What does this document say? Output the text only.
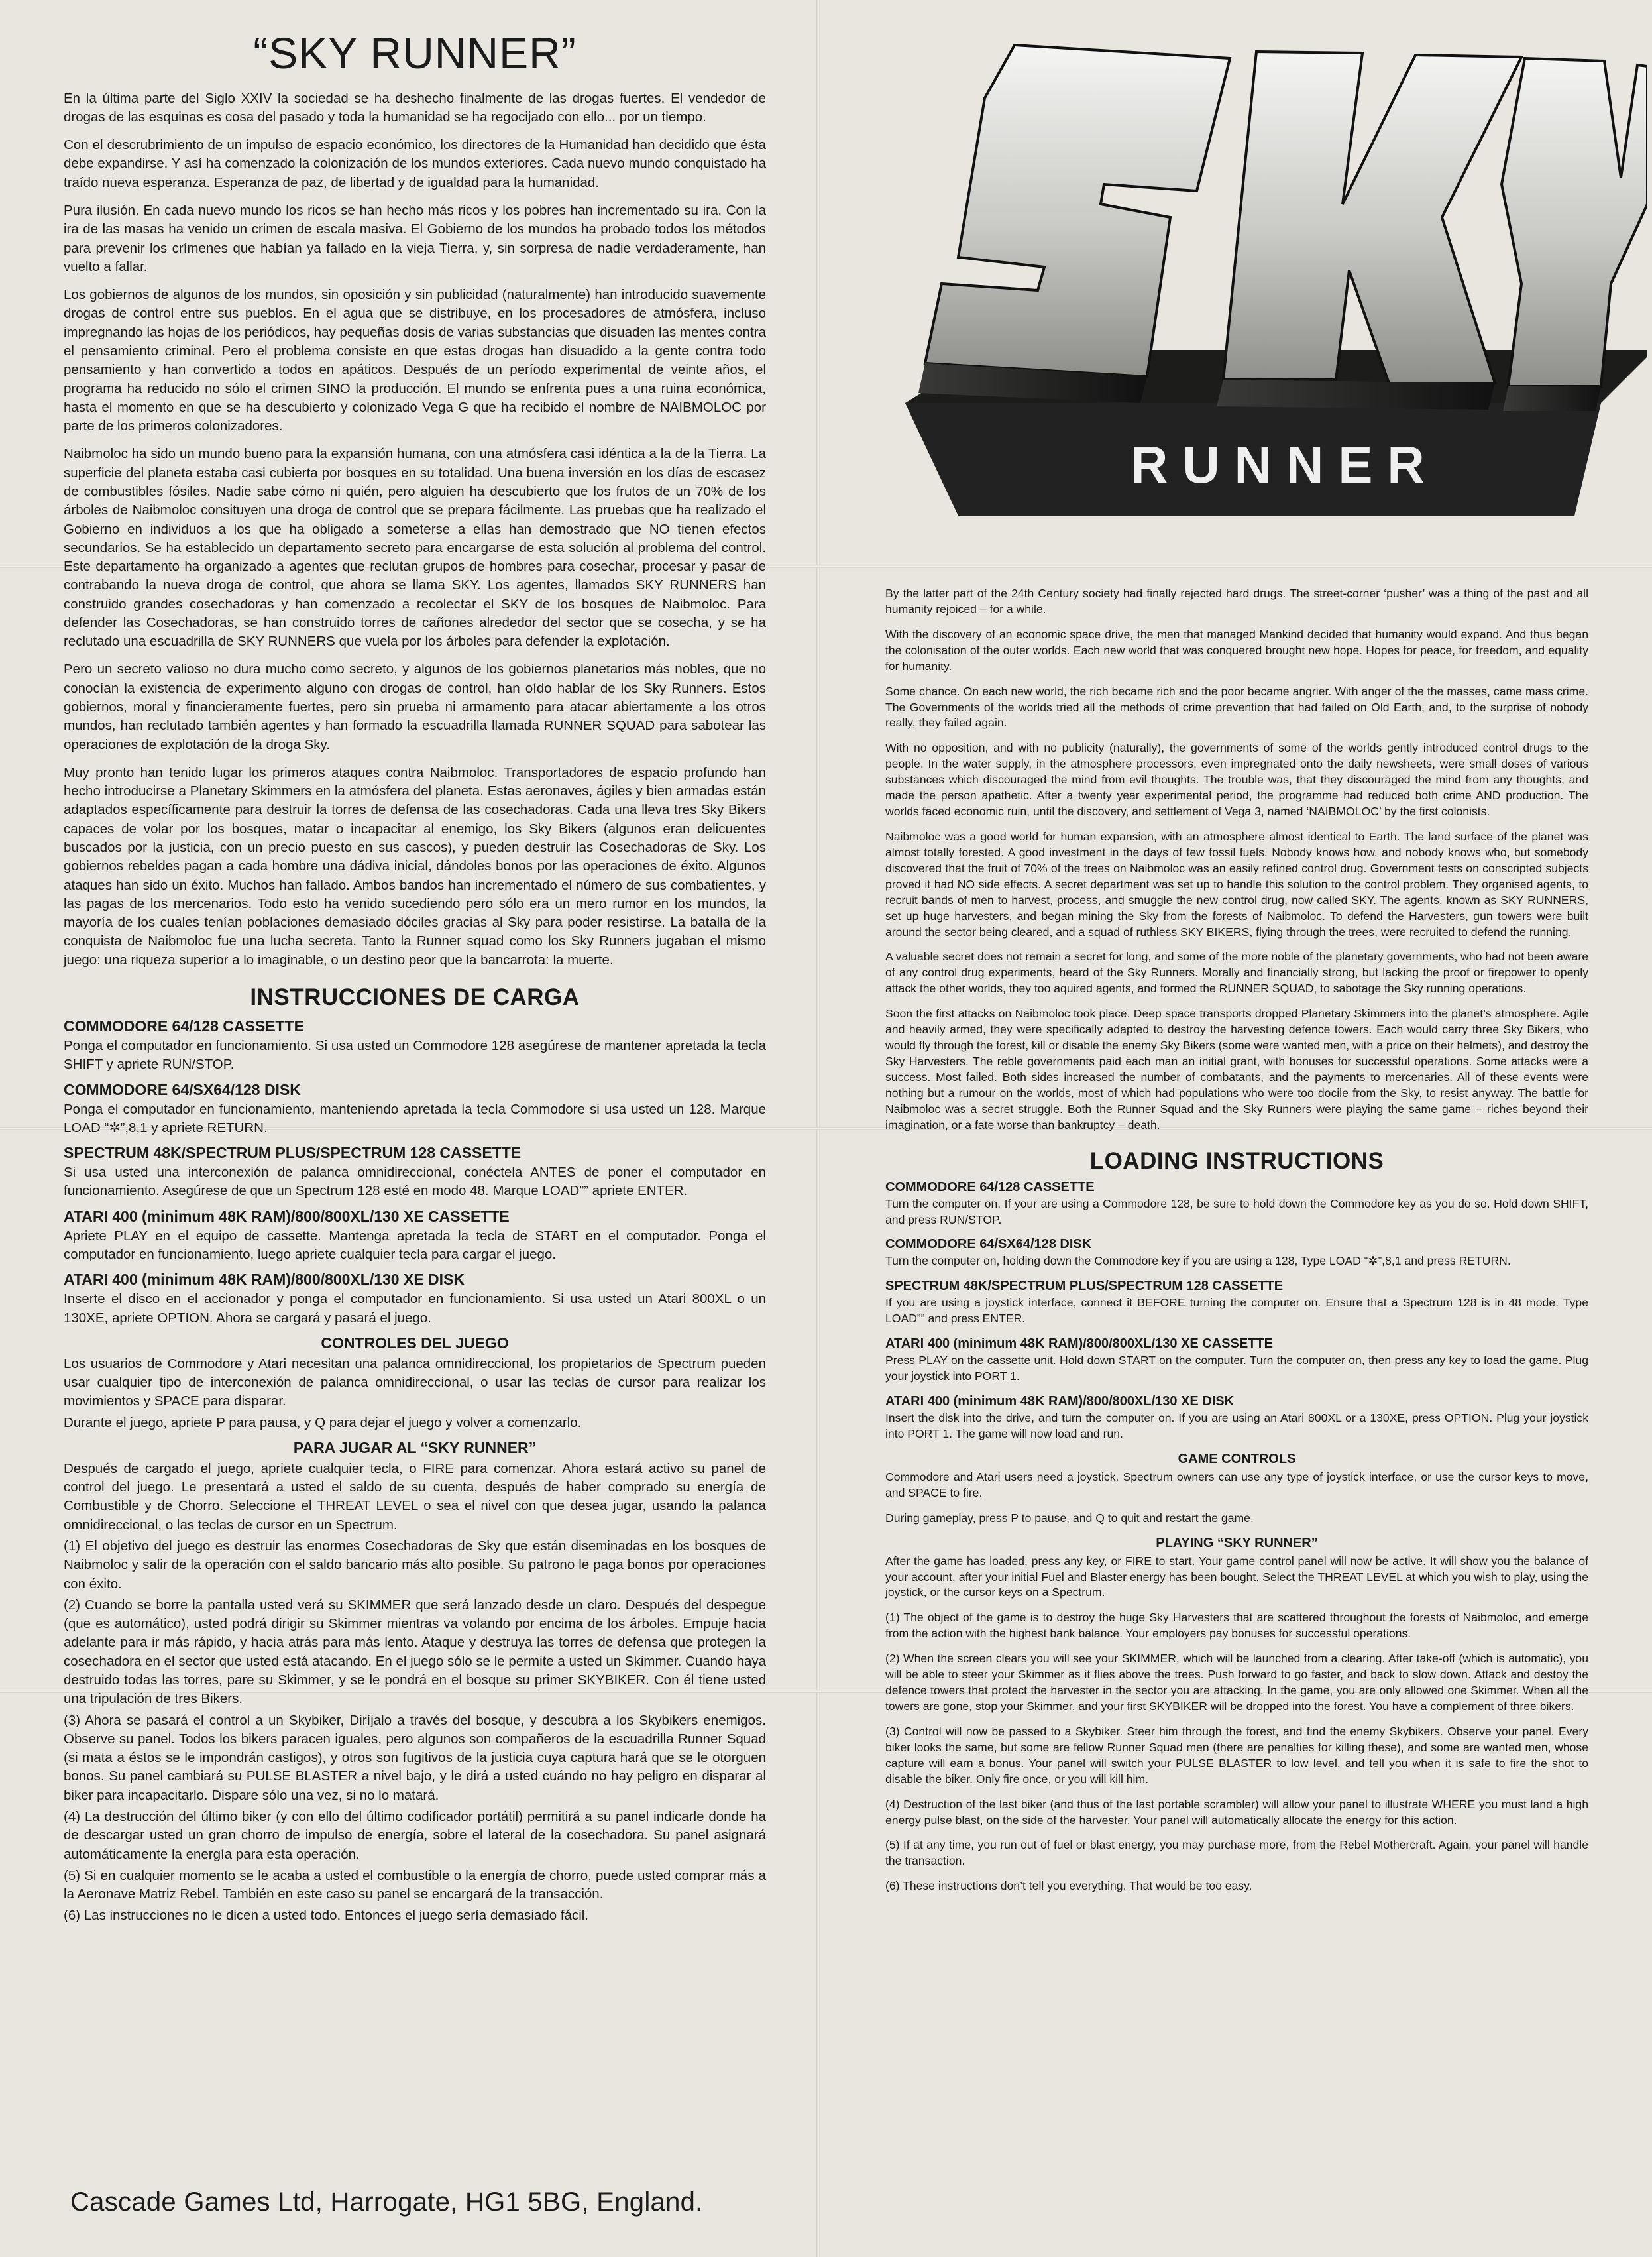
“SKY RUNNER”

En la última parte del Siglo XXIV la sociedad se ha deshecho finalmente de las drogas fuertes. El vendedor de drogas de las esquinas es cosa del pasado y toda la humanidad se ha regocijado con ello... por un tiempo.

Con el descrubrimiento de un impulso de espacio económico, los directores de la Humanidad han decidido que ésta debe expandirse. Y así ha comenzado la colonización de los mundos exteriores. Cada nuevo mundo conquistado ha traído nueva esperanza. Esperanza de paz, de libertad y de igualdad para la humanidad.

Pura ilusión. En cada nuevo mundo los ricos se han hecho más ricos y los pobres han incrementado su ira. Con la ira de las masas ha venido un crimen de escala masiva. El Gobierno de los mundos ha probado todos los métodos para prevenir los crímenes que habían ya fallado en la vieja Tierra, y, sin sorpresa de nadie verdaderamente, han vuelto a fallar.

Los gobiernos de algunos de los mundos, sin oposición y sin publicidad (naturalmente) han introducido suavemente drogas de control entre sus pueblos. En el agua que se distribuye, en los procesadores de atmósfera, incluso impregnando las hojas de los periódicos, hay pequeñas dosis de varias substancias que disuaden las mentes contra el pensamiento criminal. Pero el problema consiste en que estas drogas han disuadido a la gente contra todo pensamiento y han convertido a todos en apáticos. Después de un período experimental de veinte años, el programa ha reducido no sólo el crimen SINO la producción. El mundo se enfrenta pues a una ruina económica, hasta el momento en que se ha descubierto y colonizado Vega G que ha recibido el nombre de NAIBMOLOC por parte de los primeros colonizadores.

Naibmoloc ha sido un mundo bueno para la expansión humana, con una atmósfera casi idéntica a la de la Tierra. La superficie del planeta estaba casi cubierta por bosques en su totalidad. Una buena inversión en los días de escasez de combustibles fósiles. Nadie sabe cómo ni quién, pero alguien ha descubierto que los frutos de un 70% de los árboles de Naibmoloc consituyen una droga de control que se prepara fácilmente. Las pruebas que ha realizado el Gobierno en individuos a los que ha obligado a someterse a ellas han demostrado que NO tienen efectos secundarios. Se ha establecido un departamento secreto para encargarse de esta solución al problema del control. Este departamento ha organizado a agentes que reclutan grupos de hombres para cosechar, procesar y pasar de contrabando la nueva droga de control, que ahora se llama SKY. Los agentes, llamados SKY RUNNERS han construido grandes cosechadoras y han comenzado a recolectar el SKY de los bosques de Naibmoloc. Para defender las Cosechadoras, se han construido torres de cañones alrededor del sector que se cosecha, y se ha reclutado una escuadrilla de SKY RUNNERS que vuela por los árboles para defender la explotación.

Pero un secreto valioso no dura mucho como secreto, y algunos de los gobiernos planetarios más nobles, que no conocían la existencia de experimento alguno con drogas de control, han oído hablar de los Sky Runners. Estos gobiernos, moral y financieramente fuertes, pero sin prueba ni armamento para atacar abiertamente a los otros mundos, han reclutado también agentes y han formado la escuadrilla llamada RUNNER SQUAD para sabotear las operaciones de explotación de la droga Sky.

Muy pronto han tenido lugar los primeros ataques contra Naibmoloc. Transportadores de espacio profundo han hecho introducirse a Planetary Skimmers en la atmósfera del planeta. Estas aeronaves, ágiles y bien armadas están adaptados específicamente para destruir la torres de defensa de las cosechadoras. Cada una lleva tres Sky Bikers capaces de volar por los bosques, matar o incapacitar al enemigo, los Sky Bikers (algunos eran delicuentes buscados por la justicia, con un precio puesto en sus cascos), y pueden destruir las Cosechadoras de Sky. Los gobiernos rebeldes pagan a cada hombre una dádiva inicial, dándoles bonos por las operaciones de éxito. Algunos ataques han sido un éxito. Muchos han fallado. Ambos bandos han incrementado el número de sus combatientes, y las pagas de los mercenarios. Todo esto ha venido sucediendo pero sólo era un mero rumor en los mundos, la mayoría de los cuales tenían poblaciones demasiado dóciles gracias al Sky para poder resistirse. La batalla de la conquista de Naibmoloc fue una lucha secreta. Tanto la Runner squad como los Sky Runners jugaban el mismo juego: una riqueza superior a lo imaginable, o un destino peor que la bancarrota: la muerte.

INSTRUCCIONES DE CARGA
COMMODORE 64/128 CASSETTE

Ponga el computador en funcionamiento. Si usa usted un Commodore 128 asegúrese de mantener apretada la tecla SHIFT y apriete RUN/STOP.

COMMODORE 64/SX64/128 DISK

Ponga el computador en funcionamiento, manteniendo apretada la tecla Commodore si usa usted un 128. Marque LOAD “✲”,8,1 y apriete RETURN.

SPECTRUM 48K/SPECTRUM PLUS/SPECTRUM 128 CASSETTE

Si usa usted una interconexión de palanca omnidireccional, conéctela ANTES de poner el computador en funcionamiento. Asegúrese de que un Spectrum 128 esté en modo 48. Marque LOAD”” apriete ENTER.

ATARI 400 (minimum 48K RAM)/800/800XL/130 XE CASSETTE

Apriete PLAY en el equipo de cassette. Mantenga apretada la tecla de START en el computador. Ponga el computador en funcionamiento, luego apriete cualquier tecla para cargar el juego.

ATARI 400 (minimum 48K RAM)/800/800XL/130 XE DISK

Inserte el disco en el accionador y ponga el computador en funcionamiento. Si usa usted un Atari 800XL o un 130XE, apriete OPTION. Ahora se cargará y pasará el juego.

CONTROLES DEL JUEGO

Los usuarios de Commodore y Atari necesitan una palanca omnidireccional, los propietarios de Spectrum pueden usar cualquier tipo de interconexión de palanca omnidireccional, o usar las teclas de cursor para realizar los movimientos y SPACE para disparar.

Durante el juego, apriete P para pausa, y Q para dejar el juego y volver a comenzarlo.

PARA JUGAR AL “SKY RUNNER”

Después de cargado el juego, apriete cualquier tecla, o FIRE para comenzar. Ahora estará activo su panel de control del juego. Le presentará a usted el saldo de su cuenta, después de haber comprado su energía de Combustible y de Chorro. Seleccione el THREAT LEVEL o sea el nivel con que desea jugar, usando la palanca omnidireccional, o las teclas de cursor en un Spectrum.

(1) El objetivo del juego es destruir las enormes Cosechadoras de Sky que están diseminadas en los bosques de Naibmoloc y salir de la operación con el saldo bancario más alto posible. Su patrono le paga bonos por operaciones con éxito.

(2) Cuando se borre la pantalla usted verá su SKIMMER que será lanzado desde un claro. Después del despegue (que es automático), usted podrá dirigir su Skimmer mientras va volando por encima de los árboles. Empuje hacia adelante para ir más rápido, y hacia atrás para más lento. Ataque y destruya las torres de defensa que protegen la cosechadora en el sector que usted está atacando. En el juego sólo se le permite a usted un Skimmer. Cuando haya destruido todas las torres, pare su Skimmer, y se le pondrá en el bosque su primer SKYBIKER. Con él tiene usted una tripulación de tres Bikers.

(3) Ahora se pasará el control a un Skybiker, Diríjalo a través del bosque, y descubra a los Skybikers enemigos. Observe su panel. Todos los bikers paracen iguales, pero algunos son compañeros de la escuadrilla Runner Squad (si mata a éstos se le impondrán castigos), y otros son fugitivos de la justicia cuya captura hará que se le otorguen bonos. Su panel cambiará su PULSE BLASTER a nivel bajo, y le dirá a usted cuándo no hay peligro en disparar al biker para incapacitarlo. Dispare sólo una vez, si no lo matará.

(4) La destrucción del último biker (y con ello del último codificador portátil) permitirá a su panel indicarle donde ha de descargar usted un gran chorro de impulso de energía, sobre el lateral de la cosechadora. Su panel asignará automáticamente la energía para esta operación.

(5) Si en cualquier momento se le acaba a usted el combustible o la energía de chorro, puede usted comprar más a la Aeronave Matriz Rebel. También en este caso su panel se encargará de la transacción.

(6) Las instrucciones no le dicen a usted todo. Entonces el juego sería demasiado fácil.

Cascade Games Ltd, Harrogate, HG1 5BG, England.
RUNNER

By the latter part of the 24th Century society had finally rejected hard drugs. The street-corner ‘pusher’ was a thing of the past and all humanity rejoiced – for a while.

With the discovery of an economic space drive, the men that managed Mankind decided that humanity would expand. And thus began the colonisation of the outer worlds. Each new world that was conquered brought new hope. Hopes for peace, for freedom, and equality for humanity.

Some chance. On each new world, the rich became rich and the poor became angrier. With anger of the the masses, came mass crime. The Governments of the worlds tried all the methods of crime prevention that had failed on Old Earth, and, to the surprise of nobody really, they failed again.

With no opposition, and with no publicity (naturally), the governments of some of the worlds gently introduced control drugs to the people. In the water supply, in the atmosphere processors, even impregnated onto the daily newsheets, were small doses of various substances which discouraged the mind from evil thoughts. The trouble was, that they discouraged the mind from any thoughts, and made the person apathetic. After a twenty year experimental period, the programme had reduced both crime AND production. The worlds faced economic ruin, until the discovery, and settlement of Vega 3, named ‘NAIBMOLOC’ by the first colonists.

Naibmoloc was a good world for human expansion, with an atmosphere almost identical to Earth. The land surface of the planet was almost totally forested. A good investment in the days of few fossil fuels. Nobody knows how, and nobody knows who, but somebody discovered that the fruit of 70% of the trees on Naibmoloc was an easily refined control drug. Government tests on conscripted subjects proved it had NO side effects. A secret department was set up to handle this solution to the control problem. They organised agents, to recruit bands of men to harvest, process, and smuggle the new control drug, now called SKY. The agents, known as SKY RUNNERS, set up huge harvesters, and began mining the Sky from the forests of Naibmoloc. To defend the Harvesters, gun towers were built around the sector being cleared, and a squad of ruthless SKY BIKERS, flying through the trees, were recruited to defend the running.

A valuable secret does not remain a secret for long, and some of the more noble of the planetary governments, who had not been aware of any control drug experiments, heard of the Sky Runners. Morally and financially strong, but lacking the proof or firepower to openly attack the other worlds, they too aquired agents, and formed the RUNNER SQUAD, to sabotage the Sky running operations.

Soon the first attacks on Naibmoloc took place. Deep space transports dropped Planetary Skimmers into the planet’s atmosphere. Agile and heavily armed, they were specifically adapted to destroy the harvesting defence towers. Each would carry three Sky Bikers, who would fly through the forest, kill or disable the enemy Sky Bikers (some were wanted men, with a price on their helmets), and destroy the Sky Harvesters. The reble governments paid each man an initial grant, with bonuses for successful operations. Some attacks were a success. Most failed. Both sides increased the number of combatants, and the payments to mercenaries. All of these events were nothing but a rumour on the worlds, most of which had populations who were too docile from the Sky, to resist anyway. The battle for Naibmoloc was a secret struggle. Both the Runner Squad and the Sky Runners were playing the same game – riches beyond their imagination, or a fate worse than bankruptcy – death.

LOADING INSTRUCTIONS
COMMODORE 64/128 CASSETTE

Turn the computer on. If your are using a Commodore 128, be sure to hold down the Commodore key as you do so. Hold down SHIFT, and press RUN/STOP.

COMMODORE 64/SX64/128 DISK

Turn the computer on, holding down the Commodore key if you are using a 128, Type LOAD “✲”,8,1 and press RETURN.

SPECTRUM 48K/SPECTRUM PLUS/SPECTRUM 128 CASSETTE

If you are using a joystick interface, connect it BEFORE turning the computer on. Ensure that a Spectrum 128 is in 48 mode. Type LOAD”” and press ENTER.

ATARI 400 (minimum 48K RAM)/800/800XL/130 XE CASSETTE

Press PLAY on the cassette unit. Hold down START on the computer. Turn the computer on, then press any key to load the game. Plug your joystick into PORT 1.

ATARI 400 (minimum 48K RAM)/800/800XL/130 XE DISK

Insert the disk into the drive, and turn the computer on. If you are using an Atari 800XL or a 130XE, press OPTION. Plug your joystick into PORT 1. The game will now load and run.

GAME CONTROLS

Commodore and Atari users need a joystick. Spectrum owners can use any type of joystick interface, or use the cursor keys to move, and SPACE to fire.

During gameplay, press P to pause, and Q to quit and restart the game.

PLAYING “SKY RUNNER”

After the game has loaded, press any key, or FIRE to start. Your game control panel will now be active. It will show you the balance of your account, after your initial Fuel and Blaster energy has been bought. Select the THREAT LEVEL at which you wish to play, using the joystick, or the cursor keys on a Spectrum.

(1) The object of the game is to destroy the huge Sky Harvesters that are scattered throughout the forests of Naibmoloc, and emerge from the action with the highest bank balance. Your employers pay bonuses for successful operations.

(2) When the screen clears you will see your SKIMMER, which will be launched from a clearing. After take-off (which is automatic), you will be able to steer your Skimmer as it flies above the trees. Push forward to go faster, and back to slow down. Attack and destoy the defence towers that protect the harvester in the sector you are attacking. In the game, you are only allowed one Skimmer. When all the towers are gone, stop your Skimmer, and your first SKYBIKER will be dropped into the forest. You have a complement of three bikers.

(3) Control will now be passed to a Skybiker. Steer him through the forest, and find the enemy Skybikers. Observe your panel. Every biker looks the same, but some are fellow Runner Squad men (there are penalties for killing these), and some are wanted men, whose capture will earn a bonus. Your panel will switch your PULSE BLASTER to low level, and tell you when it is safe to fire the shot to disable the biker. Only fire once, or you will kill him.

(4) Destruction of the last biker (and thus of the last portable scrambler) will allow your panel to illustrate WHERE you must land a high energy pulse blast, on the side of the harvester. Your panel will automatically allocate the energy for this action.

(5) If at any time, you run out of fuel or blast energy, you may purchase more, from the Rebel Mothercraft. Again, your panel will handle the transaction.

(6) These instructions don’t tell you everything. That would be too easy.
